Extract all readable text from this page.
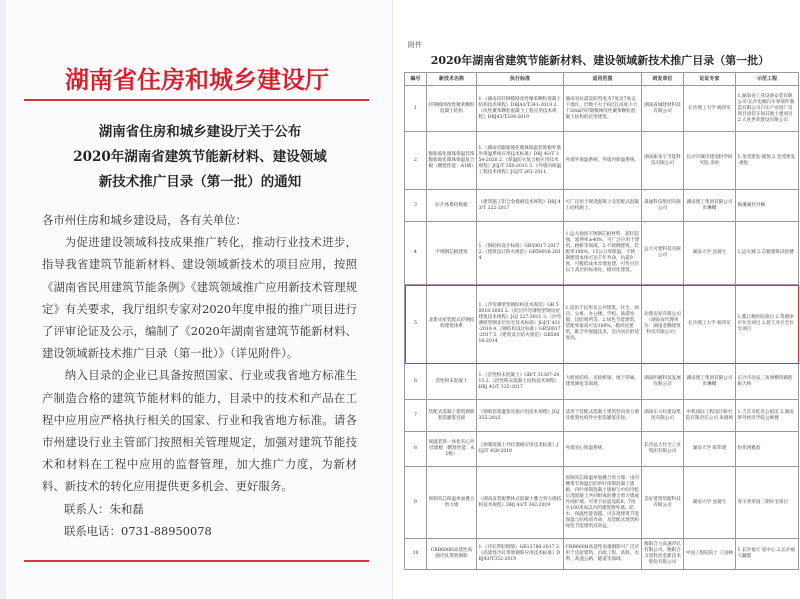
湖南省住房和城乡建设厅
湖南省住房和城乡建设厅关于公布
2020年湖南省建筑节能新材料、建设领域
新技术推广目录（第一批）的通知

各市州住房和城乡建设局，各有关单位：

为促进建设领域科技成果推广转化，推动行业技术进步，指导我省建筑节能新材料、建设领域新技术的项目应用，按照《湖南省民用建筑节能条例》《建筑领域推广应用新技术管理规定》有关要求，我厅组织专家对2020年度申报的推广项目进行了评审论证及公示，编制了《2020年湖南省建筑节能新材料、建设领域新技术推广目录（第一批）》（详见附件）。

纳入目录的企业已具备按照国家、行业或我省地方标准生产制造合格的建筑节能材料的能力，目录中的技术和产品在工程中应用应严格执行相关的国家、行业和我省地方标准。请各市州建设行业主管部门按照相关管理规定，加强对建筑节能技术和材料在工程中应用的监督管理，加大推广力度，为新材料、新技术的转化应用提供更多机会、更好服务。

联系人：朱和磊

联系电话：0731-88950078

附件
2020年湖南省建筑节能新材料、建设领域新技术推广目录（第一批）
编号	新技术名称	执行标准	适用范围	研发单位	论证专家	示范工程
1	轻钢模网改性聚苯颗粒混凝土结构	1.《湖南省轻钢模网改性聚苯颗粒混凝土结构技术规程》DBJ43/T341-2019 2.《改性聚苯颗粒混凝土工程应用技术规程》DBJ43/T339-2019	湖南省抗震设防烈度为7度及7度以下地区，层数不大于6层且高度不大于20m的轻钢模网改性聚苯颗粒混凝土结构的民用建筑。	湖南省城建材科技有限公司	长沙理工大学 杨伟军	1.湖南省工业设备安装有限公司-长沙电咖汽车零部件制造有限公司汽车产业园厂房项目涂装车间其他土建项目 2.大连世荣建设有限公司
2	膨胀玻化微珠保温装饰膨胀玻化微珠保温复合板（燃烧性能：A1级）	1.《湖南省膨胀玻化微珠保温装饰板外墙外保温系统应用技术标准》DBJ 43/T 354-2020 2.《保温防火复合板应用技术规程》JGJ/T 350-2015 3.《外墙内保温工程技术规程》JGJ/T 261-2011	外墙外保温系统，外墙内保温系统。	湖南振多宇节能科技有限公司	长沙市城市建设科学研究院 余炬	1.金茂建发·揽悦 2.金茂建发·观悦
3	拉片体系铝模板	《建筑施工铝合金模板技术规程》DBJ 43/T 322-2017	可广泛用于现浇混凝土及装配式混凝土结构施工。	晟通科技集团有限公司	湖南建工集团有限公司 彭琳娜	梅溪湖杜丹桐
4	不锈钢芯板建筑	1.《钢结构设计标准》GB50017-2017 2.《建筑设计防火规范》GB50016-2014	1.远大独创不锈钢芯板材料，超轻超强，延伸率≥40%，可广泛应用于建筑、路桥等领域。2.不锈钢建筑，装配率100%，15公分厚保温，不锈钢建筑本体可达千年寿命，抗震9度，可极低成本异地复建，可作百层以上高层的标准化、模块化建筑。	远大可建科技有限公司	湖南大学 沈蒲生	1.远大城 2.芯板建筑试验楼
5	北新房屋装配式轻钢结构建筑体系	1.《冷弯薄壁型钢结构技术规范》GB 50018-2002 2.《低层冷弯薄壁型钢房屋建筑技术规程》JGJ 227-2011 3.《冷弯薄壁型钢多层住宅技术标准》JGJ/T 421-2018 4.《钢结构设计标准》GB50017-2017 5.《建筑设计防火规范》GB50016-2014	1.适用于民用及公共建筑，住宅、酒店、公寓、办公楼、学校、旅游度假、边防哨所等。2.绿色节能建筑，装配率最高可达100%，模块化建筑，配合外保温技术，室内居住舒适度高。	北新房屋有限公司（湖南省代理单位：湖南金腾建筑科技有限公司）	长沙理工大学 杨伟军	1.都江堰医院项目 2.常德津市住宅项目 3.督亢亚社会住宅项目
6	活性粉末混凝土	1.《活性粉末混凝土》GB/T 31387-2015 2.《活性粉末混凝土结构技术规程》DBJ 43/T 325-2017	大跨度结构、市政桥梁、地下管廊、建筑修复等领域。	湖南明湘科技发展有限公司	湖南建工集团有限公司 彭琳娜	长沙市北辰三角洲横四路跨街天桥
7	装配式混凝土建筑钢筋套筒灌浆连接	《钢筋套筒灌浆连接应用技术规程》JGJ 355-2015	适用于装配式混凝土建筑竖向剪力墙及框架柱构件中套筒灌浆连接。	湖南东方红建设集团有限公司	中机国际工程设计研究院有限责任公司 朱晓鸣	1.吉首市乾北公租房 2.湖南涉外经济学院公寓楼
8	保温装饰一体化夹心外挂墙板（燃烧性能：A1级）	《预制混凝土外挂墙板应用技术标准》JGJ/T 458-2018	外墙夹心保温系统。	长沙远大住宅工业集团有限公司	湖南大学 陈伟建	恒伟西雅韵
9	预制夹芯保温单面叠合剪力墙	《湖南省装配整体式混凝土叠合剪力墙结构技术规程》DBJ 43/T 342-2019	预制夹芯保温单面叠合剪力墙：由内侧带有保温层的单叶预制混凝土墙板，内叶预制混凝土墙板与中间空腔后浇混凝土共同组成的叠合剪力墙或外围护墙。可用于抗震设防6、7度区100米高以内的建筑物外墙。防水、保温性能优越，可实现建筑节能保温与结构同寿命，及装配式建筑和绿色节能建筑双效益。	美好建筑装配科技有限公司	湖南大学 沈蒲生	青羊香草园三期住宅项目
10	CRB600H高延性高强冷轧带肋钢筋	1.《冷轧带肋钢筋》GB13788-2017 2.《高延性冷轧带肋钢筋应用技术标准》DBJ43/T352-2019	CRB600H高延性高强钢筋可广泛应用于房屋建筑、市政工程、高铁、水利、高速公路、隧道等领域。	衡阳合力高速冷轧有限公司、衡阳合力创科冶金新技术股份有限公司	中国工程院院士 王国林	1.长沙福天·星中心 2.长沙福天藏郡
